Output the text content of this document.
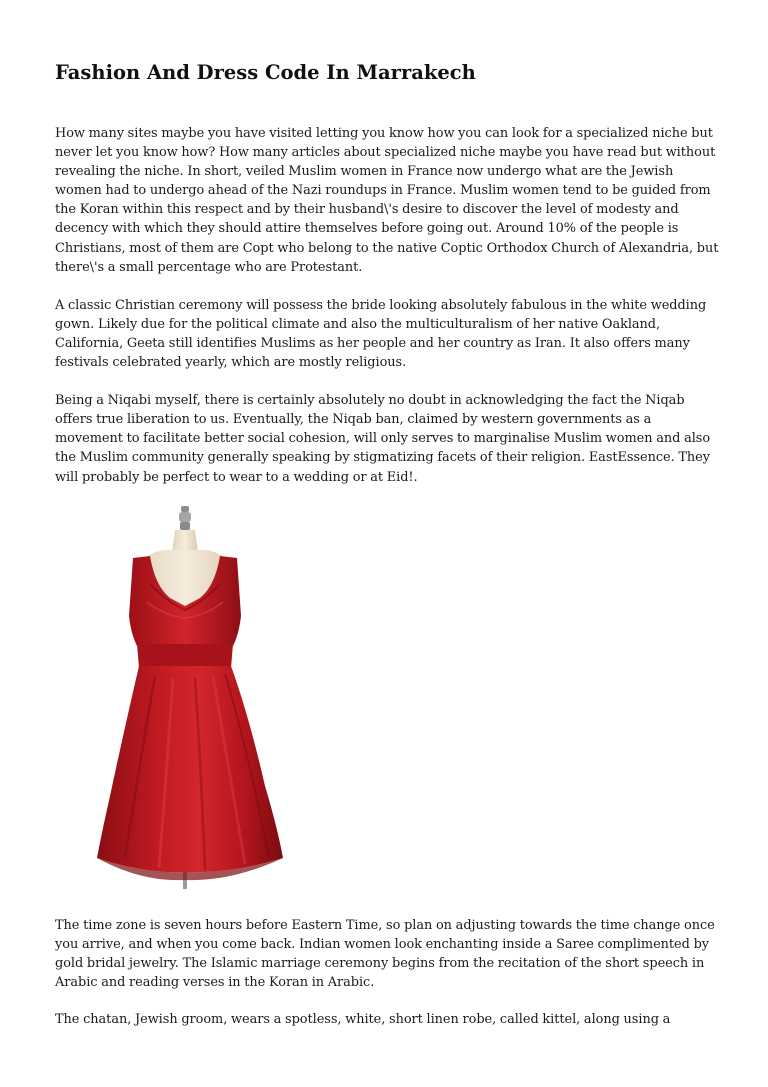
Fashion And Dress Code In Marrakech

How many sites maybe you have visited letting you know how you can look for a specialized niche but never let you know how? How many articles about specialized niche maybe you have read but without revealing the niche. In short, veiled Muslim women in France now undergo what are the Jewish women had to undergo ahead of the Nazi roundups in France. Muslim women tend to be guided from the Koran within this respect and by their husband\'s desire to discover the level of modesty and decency with which they should attire themselves before going out. Around 10% of the people is Christians, most of them are Copt who belong to the native Coptic Orthodox Church of Alexandria, but there\'s a small percentage who are Protestant.

A classic Christian ceremony will possess the bride looking absolutely fabulous in the white wedding gown. Likely due for the political climate and also the multiculturalism of her native Oakland, California, Geeta still identifies Muslims as her people and her country as Iran. It also offers many festivals celebrated yearly, which are mostly religious.

Being a Niqabi myself, there is certainly absolutely no doubt in acknowledging the fact the Niqab offers true liberation to us. Eventually, the Niqab ban, claimed by western governments as a movement to facilitate better social cohesion, will only serves to marginalise Muslim women and also the Muslim community generally speaking by stigmatizing facets of their religion. EastEssence. They will probably be perfect to wear to a wedding or at Eid!.

The time zone is seven hours before Eastern Time, so plan on adjusting towards the time change once you arrive, and when you come back. Indian women look enchanting inside a Saree complimented by gold bridal jewelry. The Islamic marriage ceremony begins from the recitation of the short speech in Arabic and reading verses in the Koran in Arabic.

The chatan, Jewish groom, wears a spotless, white, short linen robe, called kittel, along using a
